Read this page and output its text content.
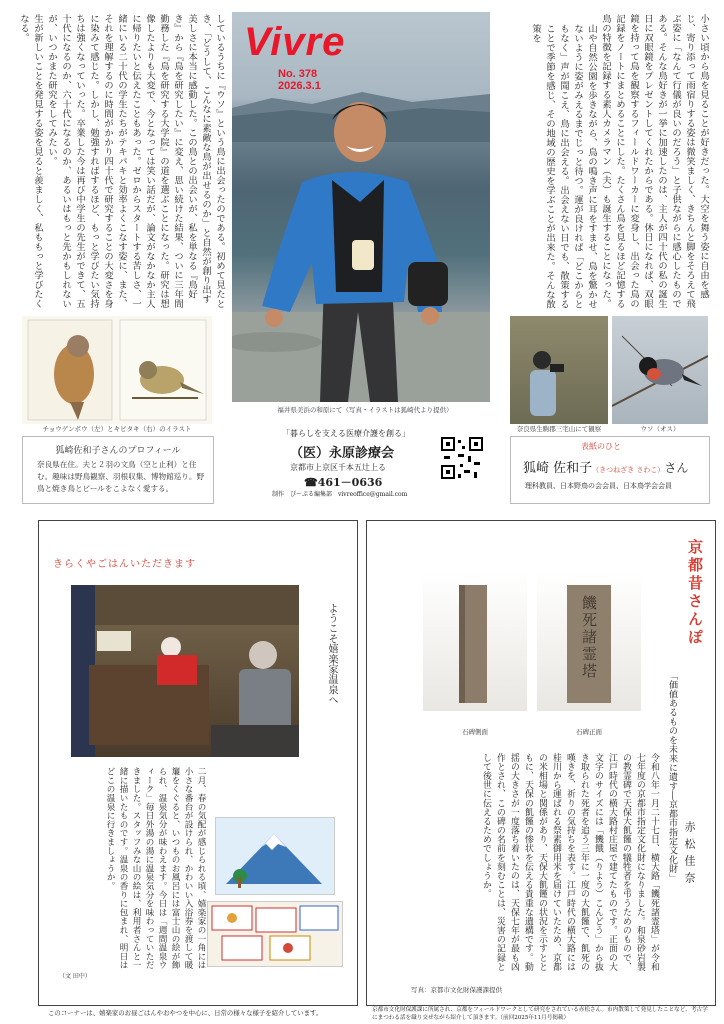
小さい頃から鳥を見ることが好きだった。大空を舞う姿に自由を感じ、寄り添って雨宿りする姿は微笑ましく、きちんと脚をそろえて飛ぶ姿に「なんて行儀が良いのだろう」と子供ながらに感心したものである。そんな鳥好きが一挙に加速したのは、主人が四十代の私の誕生日に双眼鏡をプレゼントしてくれたからである。休日になれば、双眼鏡を持って鳥を観察するフィールドワーカーに変身し、出会った鳥の記録をノートにまとめることにした。たくさん鳥を見るほど記憶する鳥の特徴を記録する素人カメラマン（夫）も誕生することになった。

山や自然公園を歩きながら、鳥の鳴き声に耳をすませ、鳥を驚かせないように姿がみえるまでじっと待つ。運が良ければ「どこからともなく」声が聞こえ、鳥に出会える。出会えない日でも、散策することで季節を感じ、その地域の歴史を学ぶことが出来た。そんな散策を

しているうちに『ウソ』という鳥に出会ったのである。初めて見たとき、「どうして、こんなに素敵な鳥が出せるのか」と自然が創り出す美しさに本当に感動した。この鳥との出会いが、私を単なる『鳥好き』から『鳥を研究したい』に変え、思い続けた結果、ついに三年間勤務した『鳥を研究する大学院』の道を選ぶことになった。研究は想像したよりも大変で、今となっては笑い話だが、論文がなかなか主人に帰りたいと伝えたこともあった。ゼロからスタートする苦しさ、一緒にいる二十代の学生たちがテキパキと効率よくこなす姿に、また、それを理解するのに時間がかかり四十代で研究することの大変さを身に染みて感じた。しかし、勉強すればするほど、もっと学びたい気持ちは強くなっていった。卒業した今は再び中学生の先生ができて、五十代になるのか、六十代になるのか、あるいはもっと先かもしれないが、いつかまた研究をしてみたい。

生が新しいことを発見する姿を見ると羨ましく、私ももっと学びたくなる。	Vivre
No. 378
2026.3.1
福井県美浜の和原にて（写真・イラストは狐崎代より提供）
チョウゲンボウ（左）とキビタキ（右）のイラスト	奈良県生駒郡三宅山にて観察	ウソ（オス）
狐崎佐和子さんのプロフィール
奈良県在住。夫と２羽の文鳥（空と止利）と住む。趣味は野鳥観察、羽根収集、博物館巡り。野鳥と焼き鳥とビールをこよなく愛する。
「暮らしを支える医療介護を創る」
（医）永原診療会
京都市上京区千本五辻上る
☎461－0636
制作　ぴ～ぷる編集部　vivreoffice@gmail.com
表紙のひと
狐崎 佐和子（きつねざき さわこ）さん
理科教員、日本野鳥の会会員、日本鳥学会会員
きらくやごはんいただきます
ようこそ嬉楽家温泉へ
二月、春の気配が感じられる頃、嬉楽家の一角には小さな番台が設けられ、かわいい入浴券を渡して暖簾をくぐると、いつものお風呂には富士山の絵が飾られ、温泉気分が味わえます。今日は「週間温泉ウィーク」毎日外湯の湯に温泉気分を味わっていただきました。スタッフみな山の絵は、利用者さんと一緒に描いたものです。温泉の香りに包まれ、明日はどこの温泉に行きましょうか。
（文 田中）
このコーナーは、嬉楽家のお昼ごはんやおやつを中心に、日常の様々な様子を紹介しています。
京都昔さんぽ
「価値あるものを未来に遺す―京都市指定文化財」 赤松佳奈
饑死諸霊塔
石碑側面	石碑正面
令和八年一月二十七日、横大路「饑死諸霊塔」が令和七年度の京都市指定文化財になりました。和泉砂岩製の教霊碑で天保大飢饉の犠牲者を弔うためのもので、江戸時代の横大路村庄屋で建てたものです。正面の大文字のサイズには「饑餓（りよう）こんどう」から抜き取られた死者を追う三年に一度の大飢饉で、飢死の嘆きを、祈りの気持ちを表す。江戸時代の横大路には桂川から運ばれる祭素御用米を届けていたため、京都の米相場と関係があり、天保大飢饉の状況を示すとともに、天保の飢饉の惨状を伝える貴重な遺構です。動揺の大きさが一度落ち着いたのは、天保七年が最も凶作とされ、この碑の名前を刻むことは、災害の記録として後世に伝えるためでしょうか。
写真：京都市文化財保護課提供
京都市文化財保護課に所属され、京都をフィールドワークとして研究をされている赤松さん。市内散策して発見したことなど、考古学にまつわる話を織り交ぜながら紹介して頂きます。（前回2025年11月号掲載）
